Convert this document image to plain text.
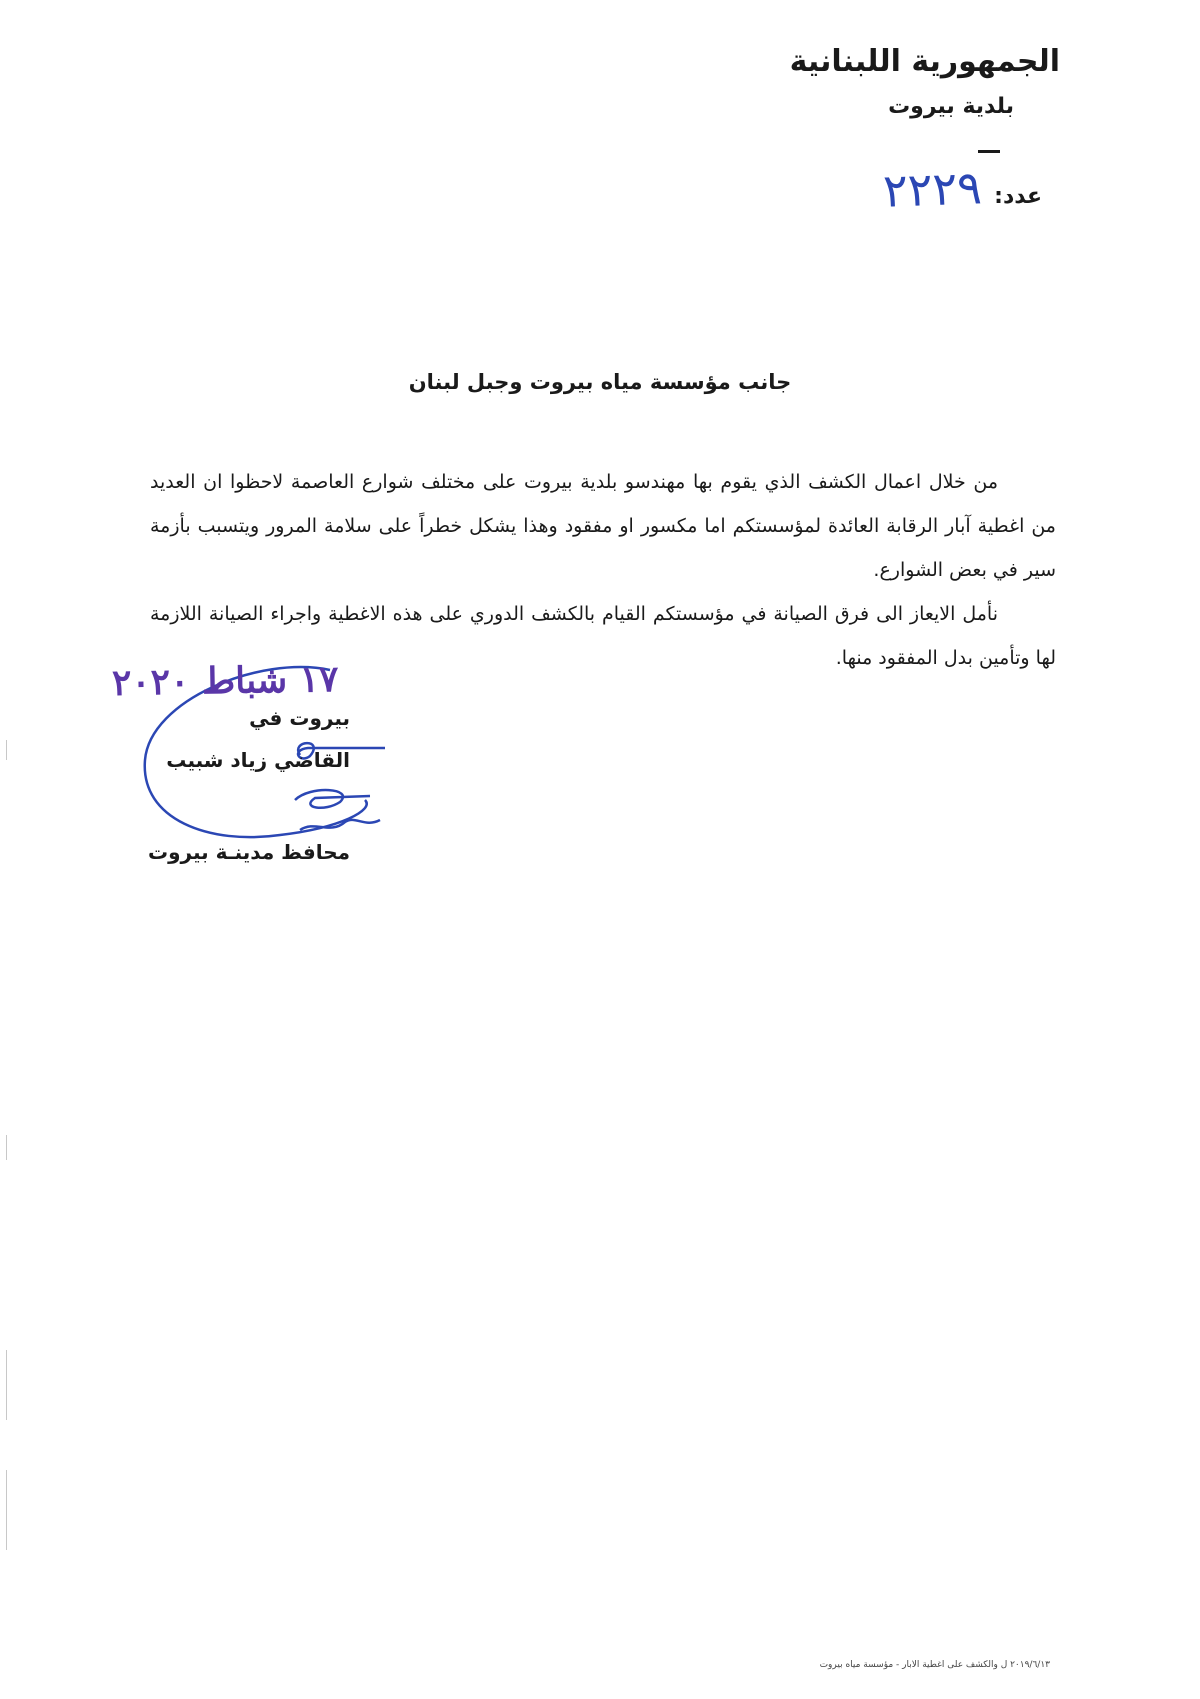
الجمهورية اللبنانية
بلدية بيروت
عدد:
٢٢٢٩
جانب مؤسسة مياه بيروت وجبل لبنان

من خلال اعمال الكشف الذي يقوم بها مهندسو بلدية بيروت على مختلف شوارع العاصمة لاحظوا ان العديد من اغطية آبار الرقابة العائدة لمؤسستكم اما مكسور او مفقود وهذا يشكل خطراً على سلامة المرور ويتسبب بأزمة سير في بعض الشوارع.

نأمل الايعاز الى فرق الصيانة في مؤسستكم القيام بالكشف الدوري على هذه الاغطية واجراء الصيانة اللازمة لها وتأمين بدل المفقود منها.

١٧ شباط ٢٠٢٠
بيروت في
القاضي زياد شبيب
محافظ مدينـة بيروت
٢٠١٩/٦/١٣ ل والكشف على اغطية الابار - مؤسسة مياه بيروت
